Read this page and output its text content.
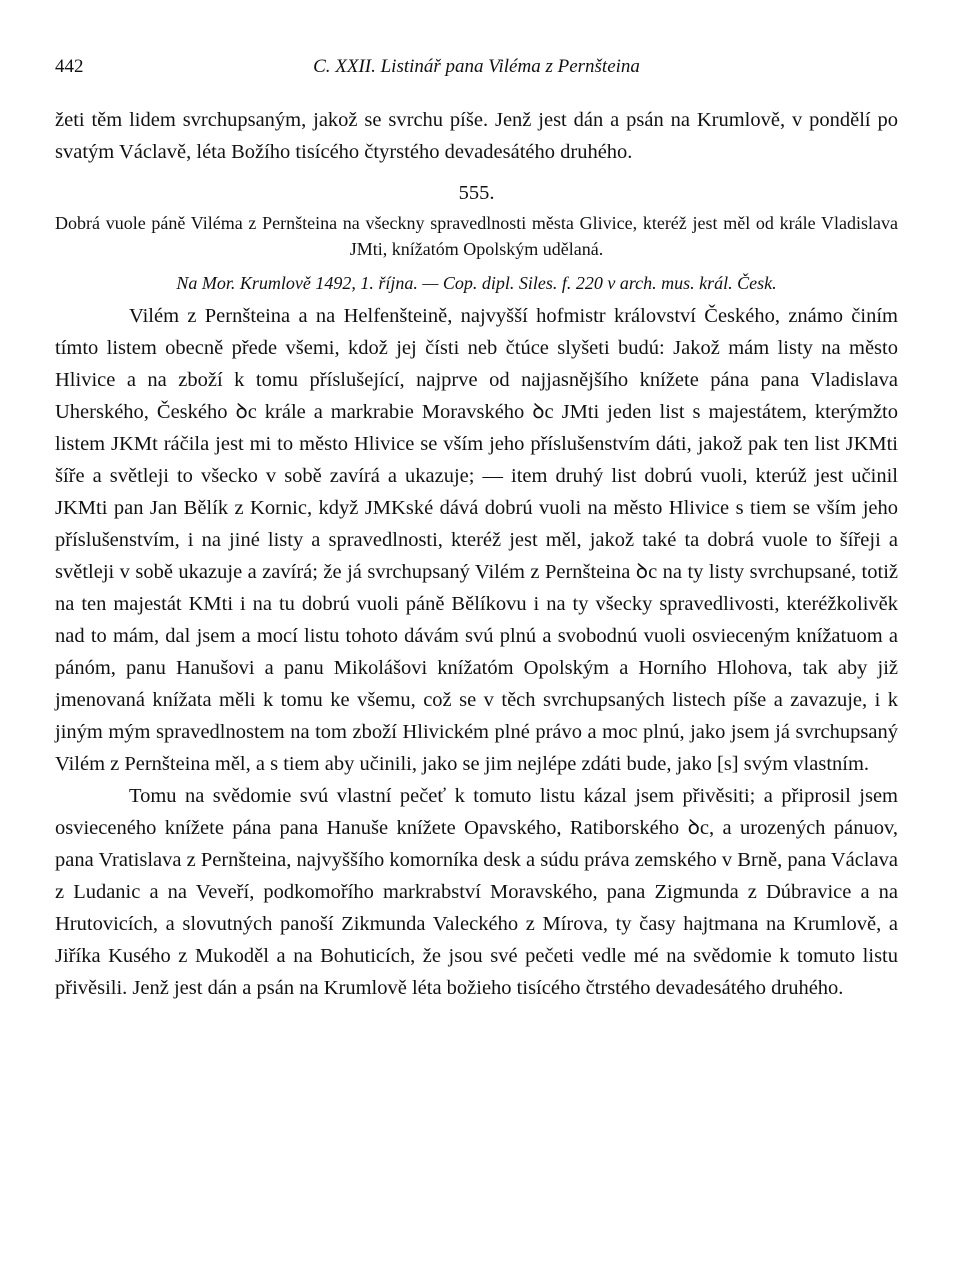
442	C. XXII. Listinář pana Viléma z Pernšteina
žeti těm lidem svrchupsaným, jakož se svrchu píše. Jenž jest dán a psán na Krumlově, v pondělí po svatým Václavě, léta Božího tisícého čtyrstého devadesátého druhého.
555.
Dobrá vuole páně Viléma z Pernšteina na všeckny spravedlnosti města Glivice, kteréž jest měl od krále Vladislava JMti, knížatóm Opolským udělaná.
Na Mor. Krumlově 1492, 1. října. — Cop. dipl. Siles. f. 220 v arch. mus. král. Česk.
Vilém z Pernšteina a na Helfenšteině, najvyšší hofmistr království Českého, známo činím tímto listem obecně přede všemi, kdož jej čísti neb čtúce slyšeti budú: Jakož mám listy na město Hlivice a na zboží k tomu příslušející, najprve od najjasnějšího knížete pána pana Vladislava Uherského, Českého ꝺc krále a markrabie Moravského ꝺc JMti jeden list s majestátem, kterýmžto listem JKMt ráčila jest mi to město Hlivice se vším jeho příslušenstvím dáti, jakož pak ten list JKMti šíře a světleji to všecko v sobě zavírá a ukazuje; — item druhý list dobrú vuoli, kterúž jest učinil JKMti pan Jan Bělík z Kornic, když JMKské dává dobrú vuoli na město Hlivice s tiem se vším jeho příslušenstvím, i na jiné listy a spravedlnosti, kteréž jest měl, jakož také ta dobrá vuole to šířeji a světleji v sobě ukazuje a zavírá; že já svrchupsaný Vilém z Pernšteina ꝺc na ty listy svrchupsané, totiž na ten majestát KMti i na tu dobrú vuoli páně Bělíkovu i na ty všecky spravedlivosti, kteréžkolivěk nad to mám, dal jsem a mocí listu tohoto dávám svú plnú a svobodnú vuoli osvieceným knížatuom a pánóm, panu Hanušovi a panu Mikolášovi knížatóm Opolským a Horního Hlohova, tak aby již jmenovaná knížata měli k tomu ke všemu, což se v těch svrchupsaných listech píše a zavazuje, i k jiným mým spravedlnostem na tom zboží Hlivickém plné právo a moc plnú, jako jsem já svrchupsaný Vilém z Pernšteina měl, a s tiem aby učinili, jako se jim nejlépe zdáti bude, jako [s] svým vlastním.
Tomu na svědomie svú vlastní pečeť k tomuto listu kázal jsem přivěsiti; a připrosil jsem osvieceného knížete pána pana Hanuše knížete Opavského, Ratiborského ꝺc, a urozených pánuov, pana Vratislava z Pernšteina, najvyššího komorníka desk a súdu práva zemského v Brně, pana Václava z Ludanic a na Veveří, podkomořího markrabství Moravského, pana Zigmunda z Dúbravice a na Hrutovicích, a slovutných panoší Zikmunda Valeckého z Mírova, ty časy hajtmana na Krumlově, a Jiříka Kusého z Mukoděl a na Bohuticích, že jsou své pečeti vedle mé na svědomie k tomuto listu přivěsili. Jenž jest dán a psán na Krumlově léta božieho tisícého čtrstého devadesátého druhého.
